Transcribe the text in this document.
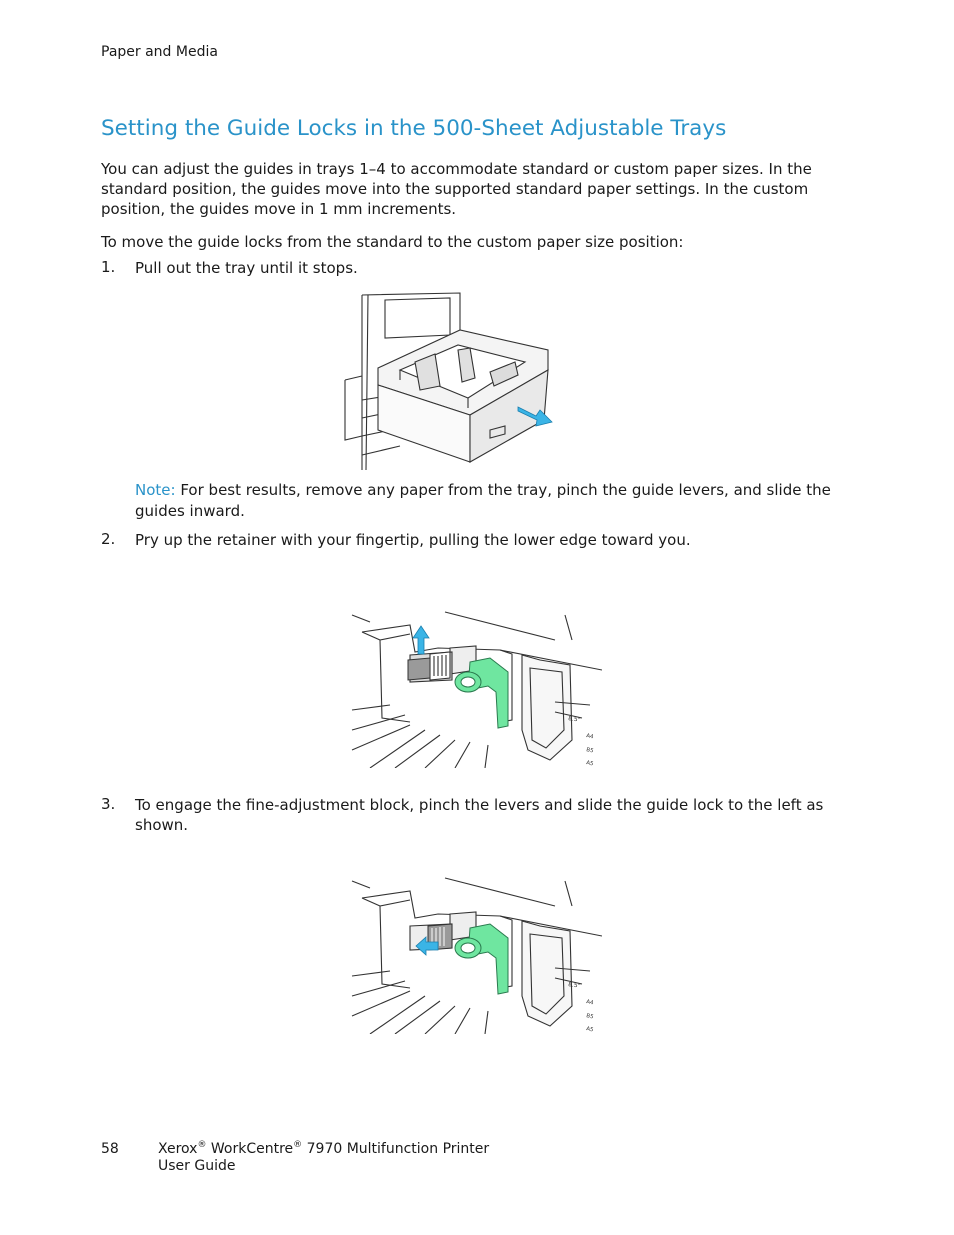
Paper and Media
Setting the Guide Locks in the 500-Sheet Adjustable Trays
You can adjust the guides in trays 1–4 to accommodate standard or custom paper sizes. In the standard position, the guides move into the supported standard paper settings. In the custom position, the guides move in 1 mm increments.
To move the guide locks from the standard to the custom paper size position:
1. Pull out the tray until it stops.
Note: For best results, remove any paper from the tray, pinch the guide levers, and slide the guides inward.
2. Pry up the retainer with your fingertip, pulling the lower edge toward you.
8.5"
A4
B5
A5
3. To engage the fine-adjustment block, pinch the levers and slide the guide lock to the left as shown.
8.5"
A4
B5
A5
58	Xerox® WorkCentre® 7970 Multifunction Printer
User Guide
